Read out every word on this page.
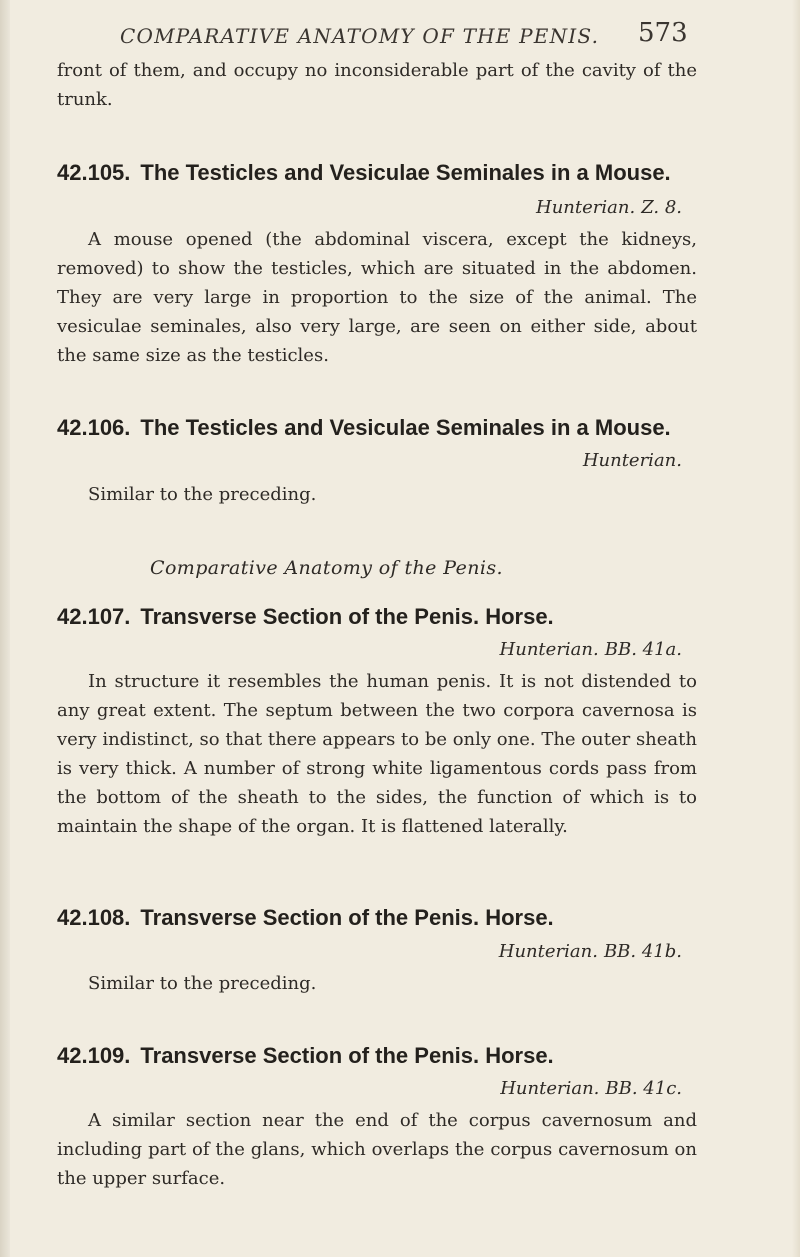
COMPARATIVE ANATOMY OF THE PENIS. 573
front of them, and occupy no inconsiderable part of the cavity of the trunk.
42.105. The Testicles and Vesiculae Seminales in a Mouse.
Hunterian. Z. 8.
A mouse opened (the abdominal viscera, except the kidneys, removed) to show the testicles, which are situated in the abdomen. They are very large in proportion to the size of the animal. The vesiculae seminales, also very large, are seen on either side, about the same size as the testicles.
42.106. The Testicles and Vesiculae Seminales in a Mouse.
Hunterian.
Similar to the preceding.
Comparative Anatomy of the Penis.
42.107. Transverse Section of the Penis. Horse.
Hunterian. BB. 41a.
In structure it resembles the human penis. It is not distended to any great extent. The septum between the two corpora cavernosa is very indistinct, so that there appears to be only one. The outer sheath is very thick. A number of strong white ligamentous cords pass from the bottom of the sheath to the sides, the function of which is to maintain the shape of the organ. It is flattened laterally.
42.108. Transverse Section of the Penis. Horse.
Hunterian. BB. 41b.
Similar to the preceding.
42.109. Transverse Section of the Penis. Horse.
Hunterian. BB. 41c.
A similar section near the end of the corpus cavernosum and including part of the glans, which overlaps the corpus cavernosum on the upper surface.
